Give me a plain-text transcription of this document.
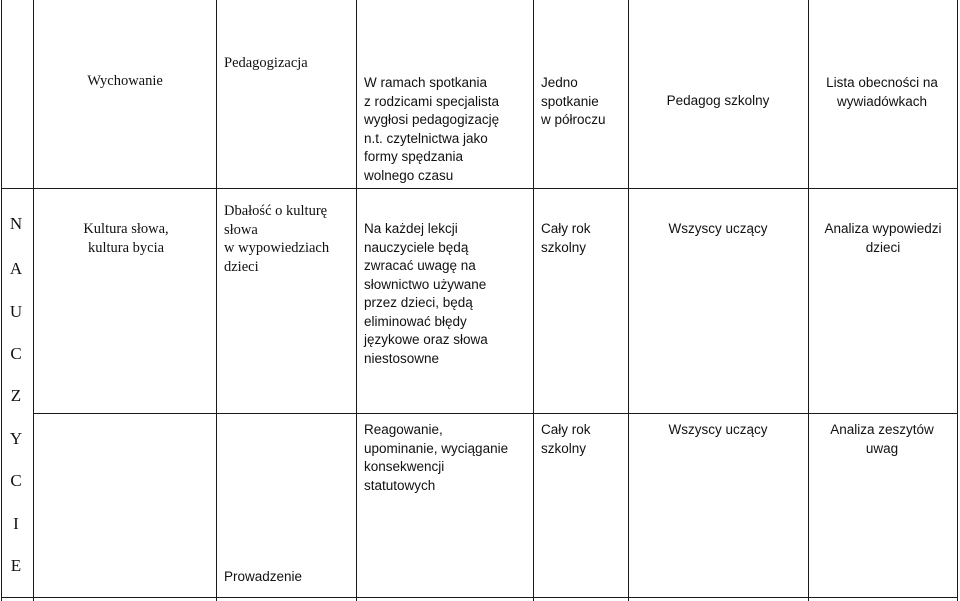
Wychowanie
Pedagogizacja
W ramach spotkania
z rodzicami specjalista
wygłosi pedagogizację
n.t. czytelnictwa jako
formy spędzania
wolnego czasu
Jedno
spotkanie
w półroczu
Pedagog szkolny
Lista obecności na
wywiadówkach
N
A
U
C
Z
Y
C
I
E
Kultura słowa,
kultura bycia
Dbałość o kulturę
słowa
w wypowiedziach
dzieci
Na każdej lekcji
nauczyciele będą
zwracać uwagę na
słownictwo używane
przez dzieci, będą
eliminować błędy
językowe oraz słowa
niestosowne
Cały rok
szkolny
Wszyscy uczący	Analiza wypowiedzi
dzieci
Reagowanie,
upominanie, wyciąganie
konsekwencji
statutowych
Cały rok
szkolny
Wszyscy uczący	Analiza zeszytów
uwag
Prowadzenie
